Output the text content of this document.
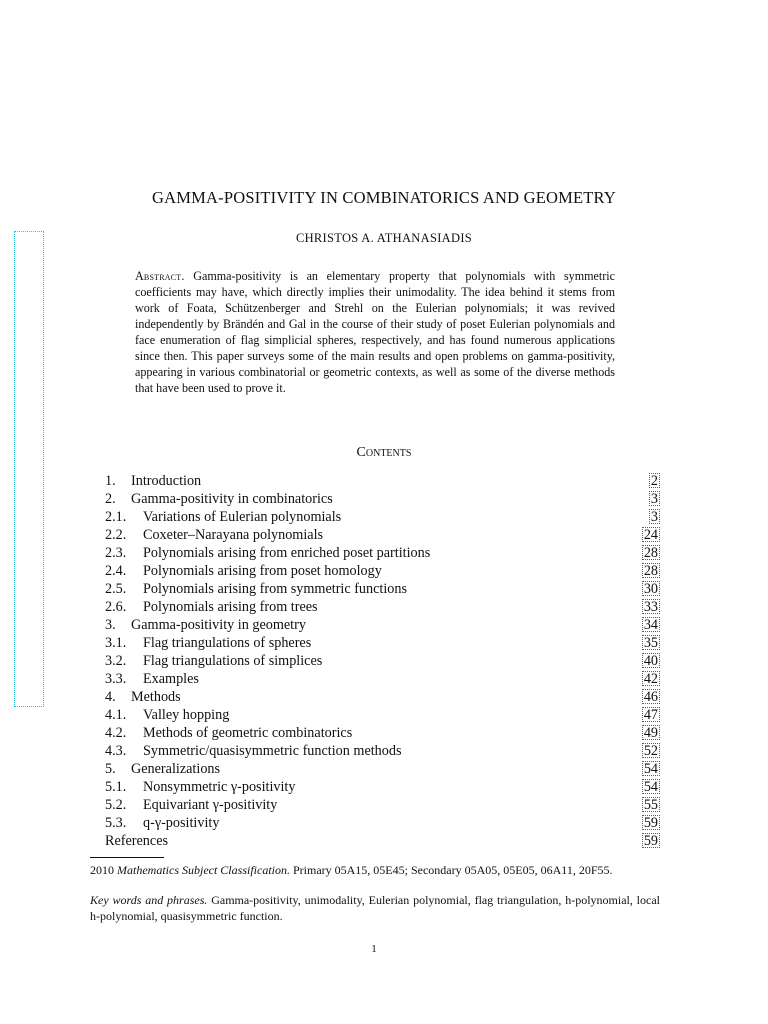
GAMMA-POSITIVITY IN COMBINATORICS AND GEOMETRY
CHRISTOS A. ATHANASIADIS
Abstract. Gamma-positivity is an elementary property that polynomials with symmetric coefficients may have, which directly implies their unimodality. The idea behind it stems from work of Foata, Schützenberger and Strehl on the Eulerian polynomials; it was revived independently by Brändén and Gal in the course of their study of poset Eulerian polynomials and face enumeration of flag simplicial spheres, respectively, and has found numerous applications since then. This paper surveys some of the main results and open problems on gamma-positivity, appearing in various combinatorial or geometric contexts, as well as some of the diverse methods that have been used to prove it.
Contents
1. Introduction	2
2. Gamma-positivity in combinatorics	3
2.1. Variations of Eulerian polynomials	3
2.2. Coxeter–Narayana polynomials	24
2.3. Polynomials arising from enriched poset partitions	28
2.4. Polynomials arising from poset homology	28
2.5. Polynomials arising from symmetric functions	30
2.6. Polynomials arising from trees	33
3. Gamma-positivity in geometry	34
3.1. Flag triangulations of spheres	35
3.2. Flag triangulations of simplices	40
3.3. Examples	42
4. Methods	46
4.1. Valley hopping	47
4.2. Methods of geometric combinatorics	49
4.3. Symmetric/quasisymmetric function methods	52
5. Generalizations	54
5.1. Nonsymmetric γ-positivity	54
5.2. Equivariant γ-positivity	55
5.3. q-γ-positivity	59
References	59
2010 Mathematics Subject Classification. Primary 05A15, 05E45; Secondary 05A05, 05E05, 06A11, 20F55.
Key words and phrases. Gamma-positivity, unimodality, Eulerian polynomial, flag triangulation, h-polynomial, local h-polynomial, quasisymmetric function.
1
